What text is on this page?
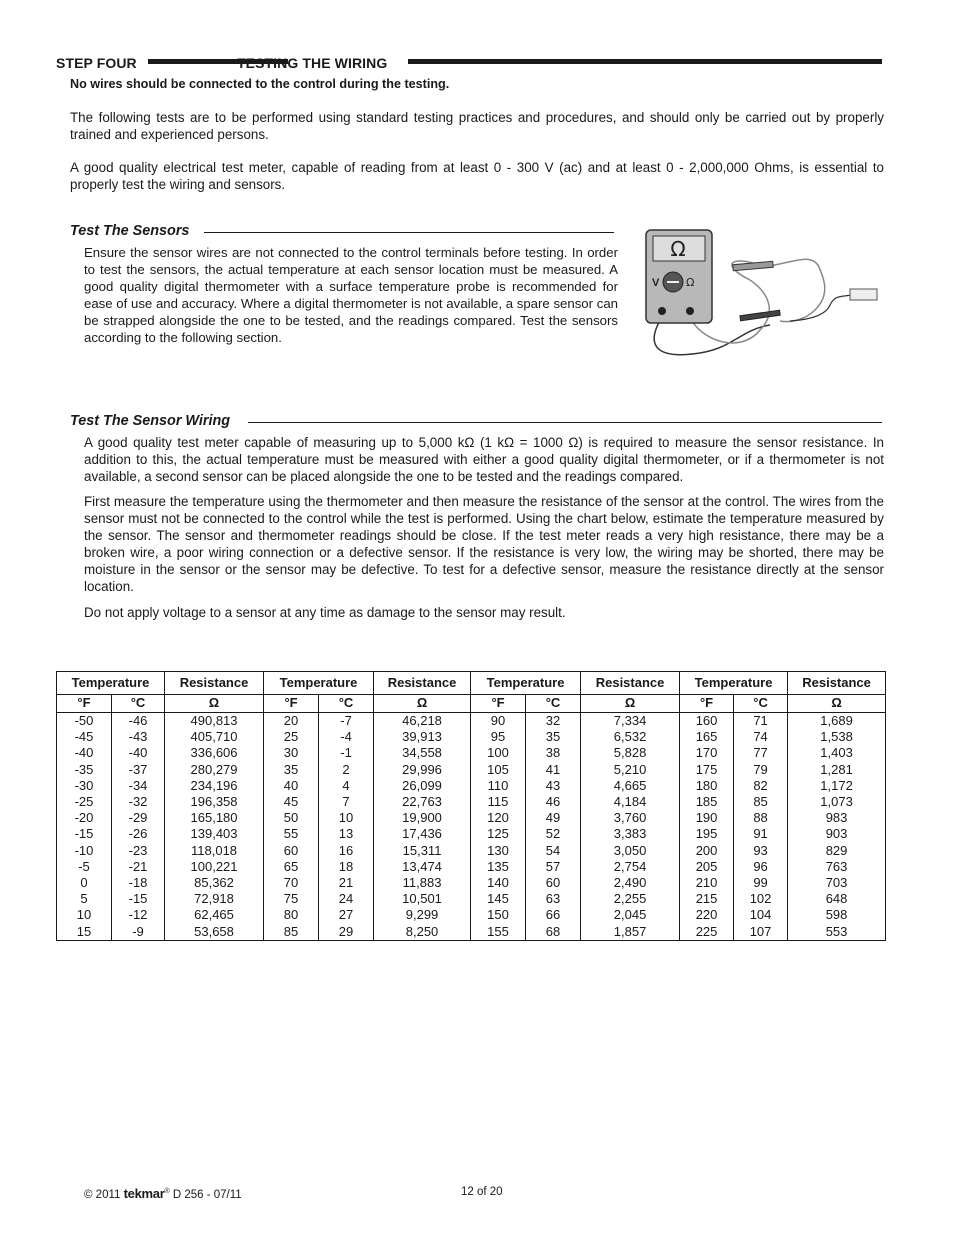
STEP FOUR	TESTING THE WIRING
No wires should be connected to the control during the testing.
The following tests are to be performed using standard testing practices and procedures, and should only be carried out by properly trained and experienced persons.
A good quality electrical test meter, capable of reading from at least 0 - 300 V (ac) and at least 0 - 2,000,000 Ohms, is essential to properly test the wiring and sensors.
Test The Sensors
Ensure the sensor wires are not connected to the control terminals before testing. In order to test the sensors, the actual temperature at each sensor location must be measured. A good quality digital thermometer with a surface temperature probe is recommended for ease of use and accuracy. Where a digital thermometer is not available, a spare sensor can be strapped alongside the one to be tested, and the readings compared. Test the sensors according to the following section.
Ω
V Ω
Test The Sensor Wiring
A good quality test meter capable of measuring up to 5,000 kΩ (1 kΩ = 1000 Ω) is required to measure the sensor resistance. In addition to this, the actual temperature must be measured with either a good quality digital thermometer, or if a thermometer is not available, a second sensor can be placed alongside the one to be tested and the readings compared.
First measure the temperature using the thermometer and then measure the resistance of the sensor at the control. The wires from the sensor must not be connected to the control while the test is performed. Using the chart below, estimate the temperature measured by the sensor. The sensor and thermometer readings should be close. If the test meter reads a very high resistance, there may be a broken wire, a poor wiring connection or a defective sensor. If the resistance is very low, the wiring may be shorted, there may be moisture in the sensor or the sensor may be defective. To test for a defective sensor, measure the resistance directly at the sensor location.
Do not apply voltage to a sensor at any time as damage to the sensor may result.
Temperature		Resistance	Temperature		Resistance	Temperature		Resistance	Temperature		Resistance
°F	°C	Ω	°F	°C	Ω	°F	°C	Ω	°F	°C	Ω
-50	-46	490,813	20	-7	46,218	90	32	7,334	160	71	1,689
-45	-43	405,710	25	-4	39,913	95	35	6,532	165	74	1,538
-40	-40	336,606	30	-1	34,558	100	38	5,828	170	77	1,403
-35	-37	280,279	35	2	29,996	105	41	5,210	175	79	1,281
-30	-34	234,196	40	4	26,099	110	43	4,665	180	82	1,172
-25	-32	196,358	45	7	22,763	115	46	4,184	185	85	1,073
-20	-29	165,180	50	10	19,900	120	49	3,760	190	88	983
-15	-26	139,403	55	13	17,436	125	52	3,383	195	91	903
-10	-23	118,018	60	16	15,311	130	54	3,050	200	93	829
-5	-21	100,221	65	18	13,474	135	57	2,754	205	96	763
0	-18	85,362	70	21	11,883	140	60	2,490	210	99	703
5	-15	72,918	75	24	10,501	145	63	2,255	215	102	648
10	-12	62,465	80	27	9,299	150	66	2,045	220	104	598
15	-9	53,658	85	29	8,250	155	68	1,857	225	107	553
© 2011 tekmar® D 256 - 07/11	12 of 20
